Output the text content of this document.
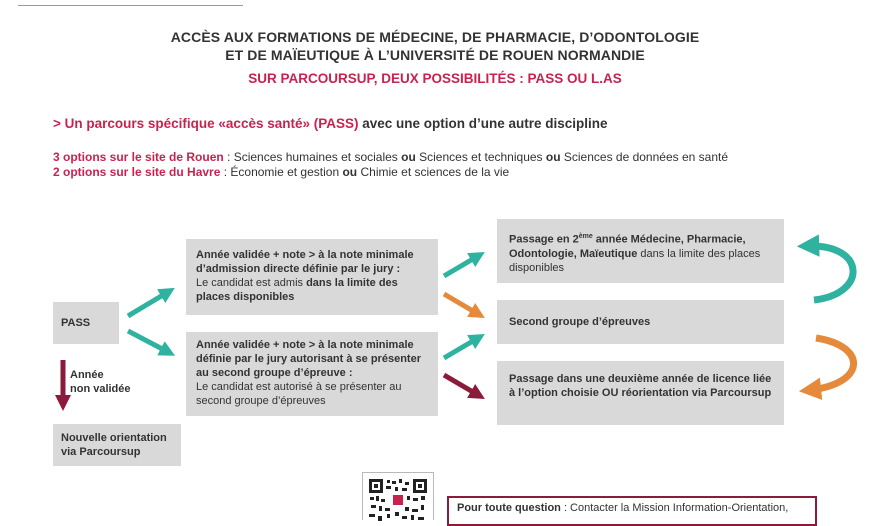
ACCÈS AUX FORMATIONS DE MÉDECINE, DE PHARMACIE, D’ODONTOLOGIE
ET DE MAÏEUTIQUE À L’UNIVERSITÉ DE ROUEN NORMANDIE
SUR PARCOURSUP, DEUX POSSIBILITÉS : PASS OU L.AS
> Un parcours spécifique «accès santé» (PASS) avec une option d’une autre discipline
3 options sur le site de Rouen : Sciences humaines et sociales ou Sciences et techniques ou Sciences de données en santé
2 options sur le site du Havre : Économie et gestion ou Chimie et sciences de la vie
PASS
Année validée + note > à la note minimale d’admission directe définie par le jury :
Le candidat est admis dans la limite des places disponibles
Année validée + note > à la note minimale définie par le jury autorisant à se présenter au second groupe d’épreuve :
Le candidat est autorisé à se présenter au second groupe d’épreuves
Passage en 2ème année Médecine, Pharmacie, Odontologie, Maïeutique dans la limite des places disponibles
Second groupe d’épreuves
Passage dans une deuxième année de licence liée à l’option choisie OU réorientation via Parcoursup
Année
non validée
Nouvelle orientation via Parcoursup
Pour toute question : Contacter la Mission Information-Orientation,
